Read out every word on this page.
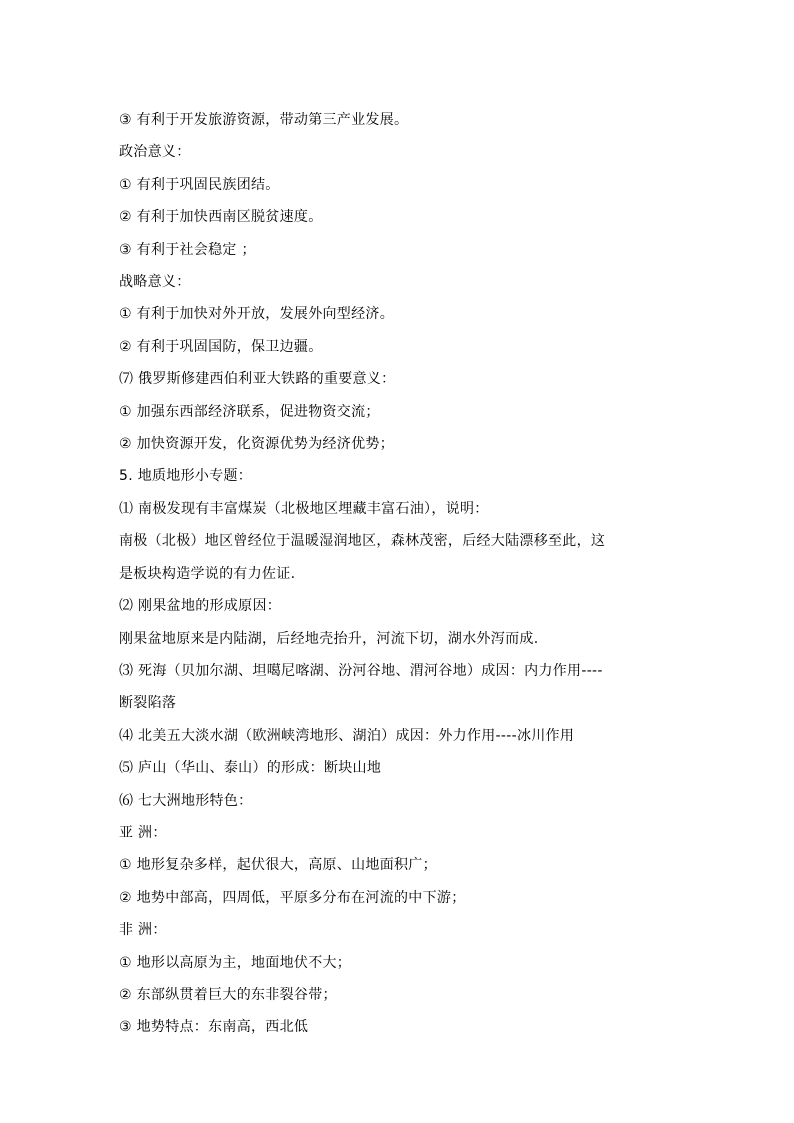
③ 有利于开发旅游资源，带动第三产业发展。
政治意义：
① 有利于巩固民族团结。
② 有利于加快西南区脱贫速度。
③ 有利于社会稳定 ；
战略意义：
① 有利于加快对外开放，发展外向型经济。
② 有利于巩固国防，保卫边疆。
⑺ 俄罗斯修建西伯利亚大铁路的重要意义：
① 加强东西部经济联系，促进物资交流；
② 加快资源开发，化资源优势为经济优势；
5. 地质地形小专题：
⑴ 南极发现有丰富煤炭（北极地区埋藏丰富石油），说明：
南极（北极）地区曾经位于温暖湿润地区，森林茂密，后经大陆漂移至此，这
是板块构造学说的有力佐证.
⑵ 刚果盆地的形成原因：
刚果盆地原来是内陆湖，后经地壳抬升，河流下切，湖水外泻而成.
⑶ 死海（贝加尔湖、坦噶尼喀湖、汾河谷地、渭河谷地）成因：内力作用----
断裂陷落
⑷ 北美五大淡水湖（欧洲峡湾地形、湖泊）成因：外力作用----冰川作用
⑸ 庐山（华山、泰山）的形成：断块山地
⑹ 七大洲地形特色：
亚 洲：
① 地形复杂多样，起伏很大，高原、山地面积广；
② 地势中部高，四周低，平原多分布在河流的中下游；
非 洲：
① 地形以高原为主，地面地伏不大；
② 东部纵贯着巨大的东非裂谷带；
③ 地势特点：东南高，西北低
